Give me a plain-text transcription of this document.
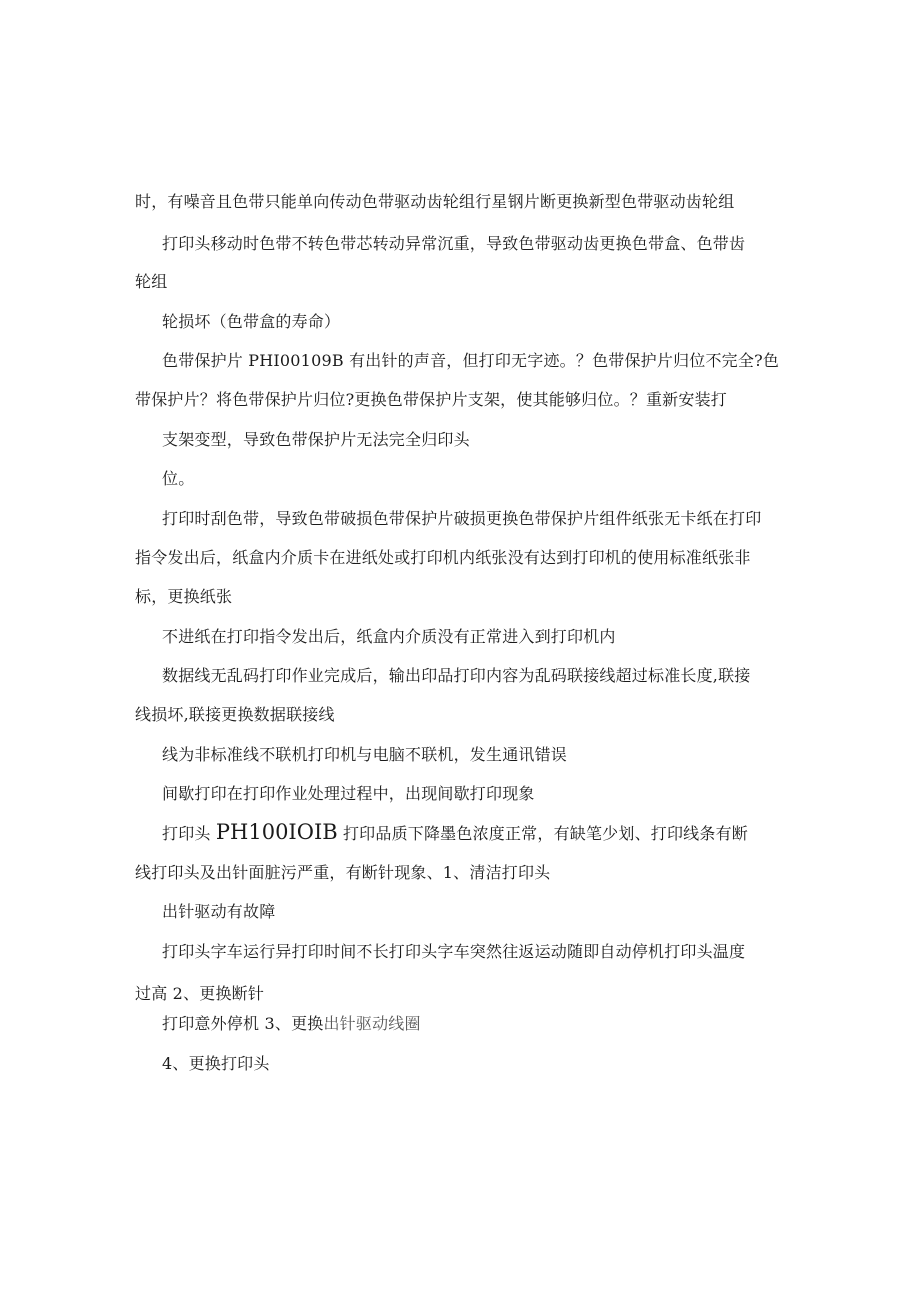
时，有噪音且色带只能单向传动色带驱动齿轮组行星钢片断更换新型色带驱动齿轮组
打印头移动时色带不转色带芯转动异常沉重，导致色带驱动齿更换色带盒、色带齿
轮组
轮损坏（色带盒的寿命）
色带保护片 PHI00109B 有出针的声音，但打印无字迹。？色带保护片归位不完全?色
带保护片？将色带保护片归位?更换色带保护片支架，使其能够归位。？重新安装打
支架变型，导致色带保护片无法完全归印头
位。
打印时刮色带，导致色带破损色带保护片破损更换色带保护片组件纸张无卡纸在打印
指令发出后，纸盒内介质卡在进纸处或打印机内纸张没有达到打印机的使用标准纸张非
标，更换纸张
不进纸在打印指令发出后，纸盒内介质没有正常进入到打印机内
数据线无乱码打印作业完成后，输出印品打印内容为乱码联接线超过标准长度,联接
线损坏,联接更换数据联接线
线为非标准线不联机打印机与电脑不联机，发生通讯错误
间歇打印在打印作业处理过程中，出现间歇打印现象
打印头 PH100IOIB 打印品质下降墨色浓度正常，有缺笔少划、打印线条有断
线打印头及出针面脏污严重，有断针现象、1、清洁打印头
出针驱动有故障
打印头字车运行异打印时间不长打印头字车突然往返运动随即自动停机打印头温度
过高 2、更换断针
打印意外停机 3、更换出针驱动线圈
4、更换打印头
